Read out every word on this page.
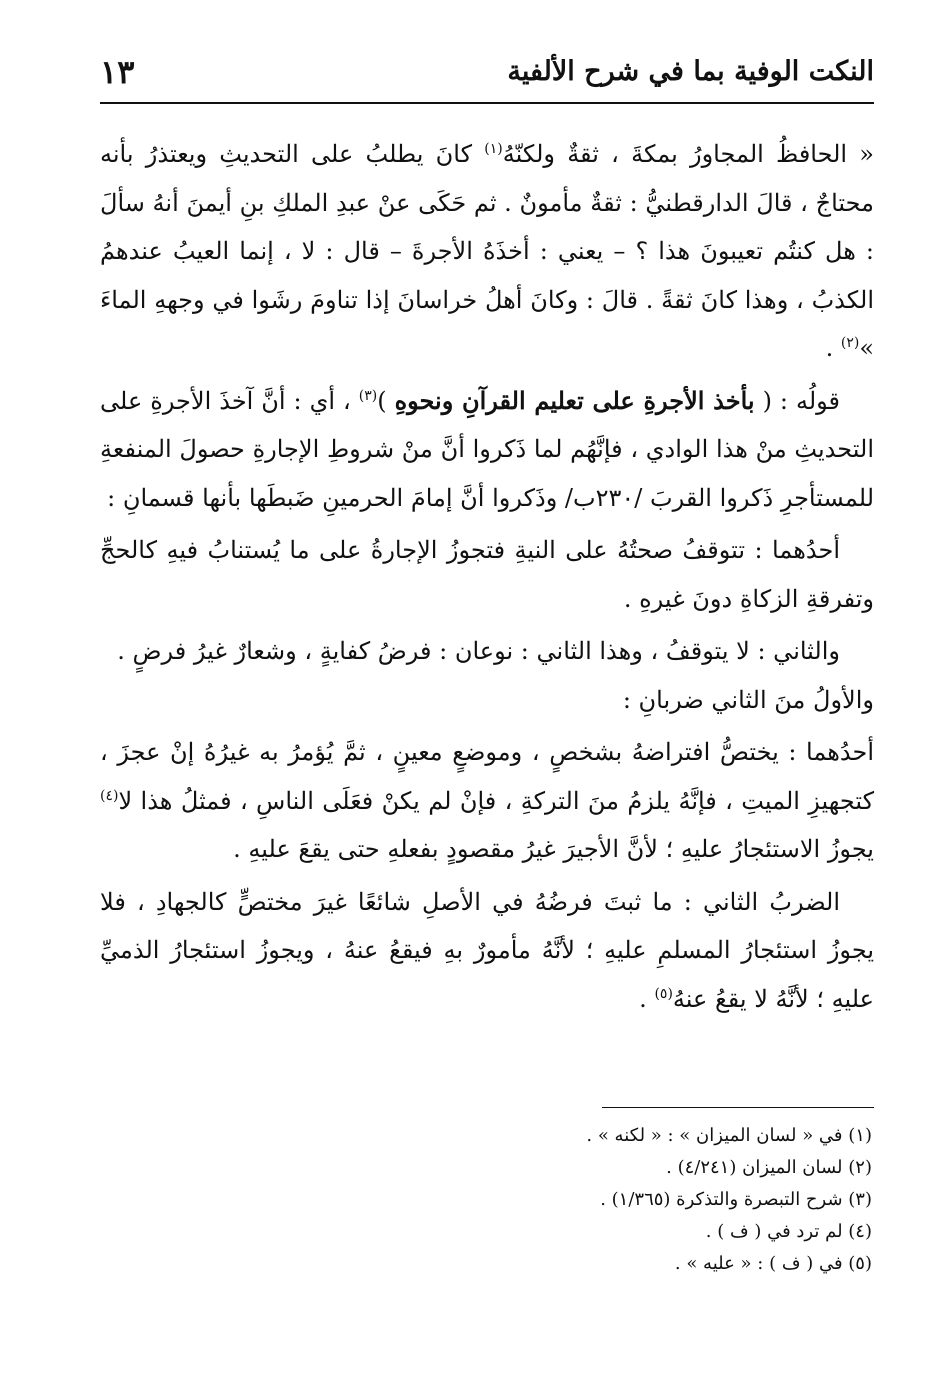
النكت الوفية بما في شرح الألفية
١٣

« الحافظُ المجاورُ بمكةَ ، ثقةٌ ولكنّهُ$^{(١)}$ كانَ يطلبُ على التحديثِ ويعتذرُ بأنه محتاجٌ ، قالَ الدارقطنيُّ : ثقةٌ مأمونٌ . ثم حَكَى عنْ عبدِ الملكِ بنِ أيمنَ أنهُ سألَ : هل كنتُم تعيبونَ هذا ؟ – يعني : أخذَهُ الأجرةَ – قال : لا ، إنما العيبُ عندهمُ الكذبُ ، وهذا كانَ ثقةً . قالَ : وكانَ أهلُ خراسانَ إذا تناومَ رشَوا في وجههِ الماءَ »$^{(٢)}$ .

قولُه : ( بأخذ الأجرةِ على تعليم القرآنِ ونحوهِ )$^{(٣)}$ ، أي : أنَّ آخذَ الأجرةِ على التحديثِ منْ هذا الوادي ، فإنَّهُم لما ذَكروا أنَّ منْ شروطِ الإجارةِ حصولَ المنفعةِ للمستأجرِ ذَكروا القربَ /٢٣٠ب/ وذَكروا أنَّ إمامَ الحرمينِ ضَبطَها بأنها قسمانِ :

أحدُهما : تتوقفُ صحتُهُ على النيةِ فتجوزُ الإجارةُ على ما يُستنابُ فيهِ كالحجِّ وتفرقةِ الزكاةِ دونَ غيرهِ .

والثاني : لا يتوقفُ ، وهذا الثاني : نوعان : فرضُ كفايةٍ ، وشعارٌ غيرُ فرضٍ .

والأولُ منَ الثاني ضربانِ :

أحدُهما : يختصُّ افتراضهُ بشخصٍ ، وموضعٍ معينٍ ، ثمَّ يُؤمرُ به غيرُهُ إنْ عجزَ ، كتجهيزِ الميتِ ، فإنَّهُ يلزمُ منَ التركةِ ، فإنْ لم يكنْ فعَلَى الناسِ ، فمثلُ هذا لا$^{(٤)}$ يجوزُ الاستئجارُ عليهِ ؛ لأنَّ الأجيرَ غيرُ مقصودٍ بفعلهِ حتى يقعَ عليهِ .

الضربُ الثاني : ما ثبتَ فرضُهُ في الأصلِ شائعًا غيرَ مختصٍّ كالجهادِ ، فلا يجوزُ استئجارُ المسلمِ عليهِ ؛ لأنَّهُ مأمورٌ بهِ فيقعُ عنهُ ، ويجوزُ استئجارُ الذميِّ عليهِ ؛ لأنَّهُ لا يقعُ عنهُ$^{(٥)}$ .

(١) في « لسان الميزان » : « لكنه » .

(٢) لسان الميزان (٤/٢٤١) .

(٣) شرح التبصرة والتذكرة (١/٣٦٥) .

(٤) لم ترد في ( ف ) .

(٥) في ( ف ) : « عليه » .
